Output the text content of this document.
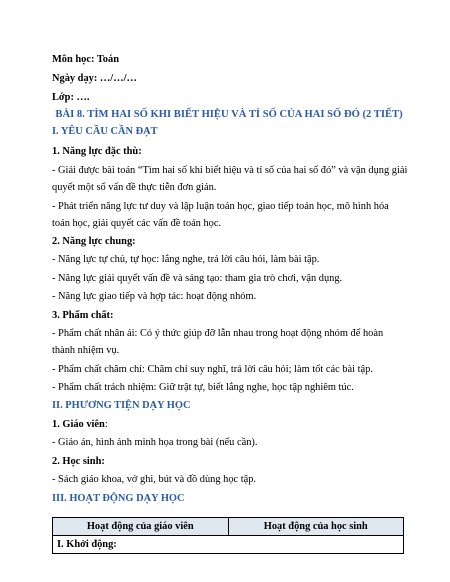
Môn học: Toán
Ngày dạy: …/…/…
Lớp: ….
BÀI 8. TÌM HAI SỐ KHI BIẾT HIỆU VÀ TỈ SỐ CỦA HAI SỐ ĐÓ (2 TIẾT)
I. YÊU CẦU CẦN ĐẠT
1. Năng lực đặc thù:
- Giải được bài toán “Tìm hai số khi biết hiệu và tỉ số của hai số đó” và vận dụng giải
quyết một số vấn đề thực tiễn đơn giản.
- Phát triển năng lực tư duy và lập luận toán học, giao tiếp toán học, mô hình hóa
toán học, giải quyết các vấn đề toán học.
2. Năng lực chung:
- Năng lực tự chủ, tự học: lắng nghe, trả lời câu hỏi, làm bài tập.
- Năng lực giải quyết vấn đề và sáng tạo: tham gia trò chơi, vận dụng.
- Năng lực giao tiếp và hợp tác: hoạt động nhóm.
3. Phẩm chất:
- Phẩm chất nhân ái: Có ý thức giúp đỡ lẫn nhau trong hoạt động nhóm để hoàn
thành nhiệm vụ.
- Phẩm chất chăm chỉ: Chăm chỉ suy nghĩ, trả lời câu hỏi; làm tốt các bài tập.
- Phẩm chất trách nhiệm: Giữ trật tự, biết lắng nghe, học tập nghiêm túc.
II. PHƯƠNG TIỆN DẠY HỌC
1. Giáo viên:
- Giáo án, hình ảnh minh họa trong bài (nếu cần).
2. Học sinh:
- Sách giáo khoa, vở ghi, bút và đồ dùng học tập.
III. HOẠT ĐỘNG DẠY HỌC
Hoạt động của giáo viên	Hoạt động của học sinh
I. Khởi động:
